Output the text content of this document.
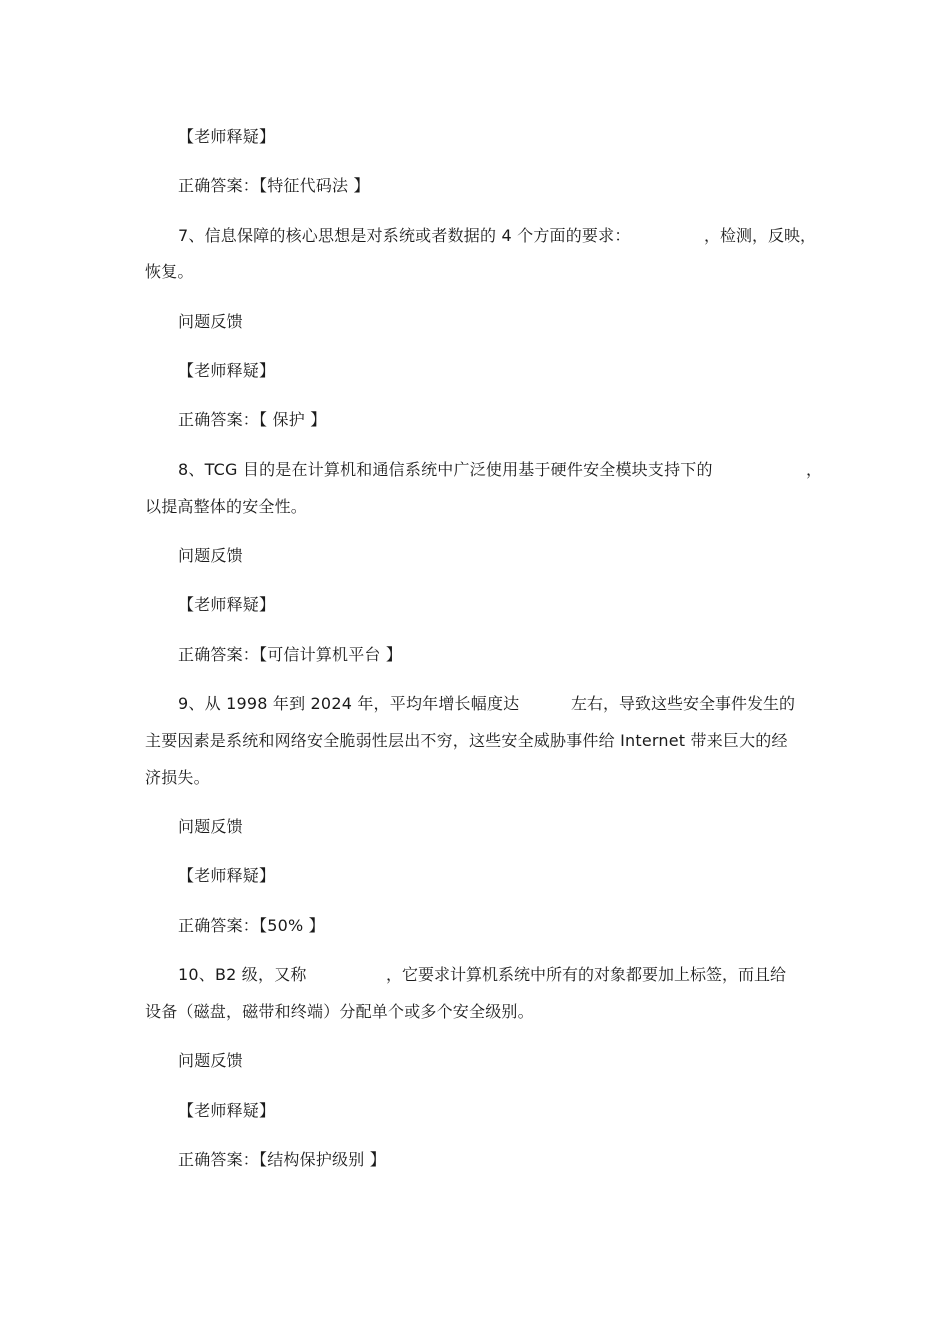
【老师释疑】
正确答案：【特征代码法 】
7、信息保障的核心思想是对系统或者数据的 4 个方面的要求：	，检测，反映，
恢复。
问题反馈
【老师释疑】
正确答案：【 保护 】
8、TCG 目的是在计算机和通信系统中广泛使用基于硬件安全模块支持下的	，
以提高整体的安全性。
问题反馈
【老师释疑】
正确答案：【可信计算机平台 】
9、从 1998 年到 2024 年，平均年增长幅度达	左右，导致这些安全事件发生的
主要因素是系统和网络安全脆弱性层出不穷，这些安全威胁事件给 Internet 带来巨大的经
济损失。
问题反馈
【老师释疑】
正确答案：【50% 】
10、B2 级，又称	，它要求计算机系统中所有的对象都要加上标签，而且给
设备（磁盘，磁带和终端）分配单个或多个安全级别。
问题反馈
【老师释疑】
正确答案：【结构保护级别 】
